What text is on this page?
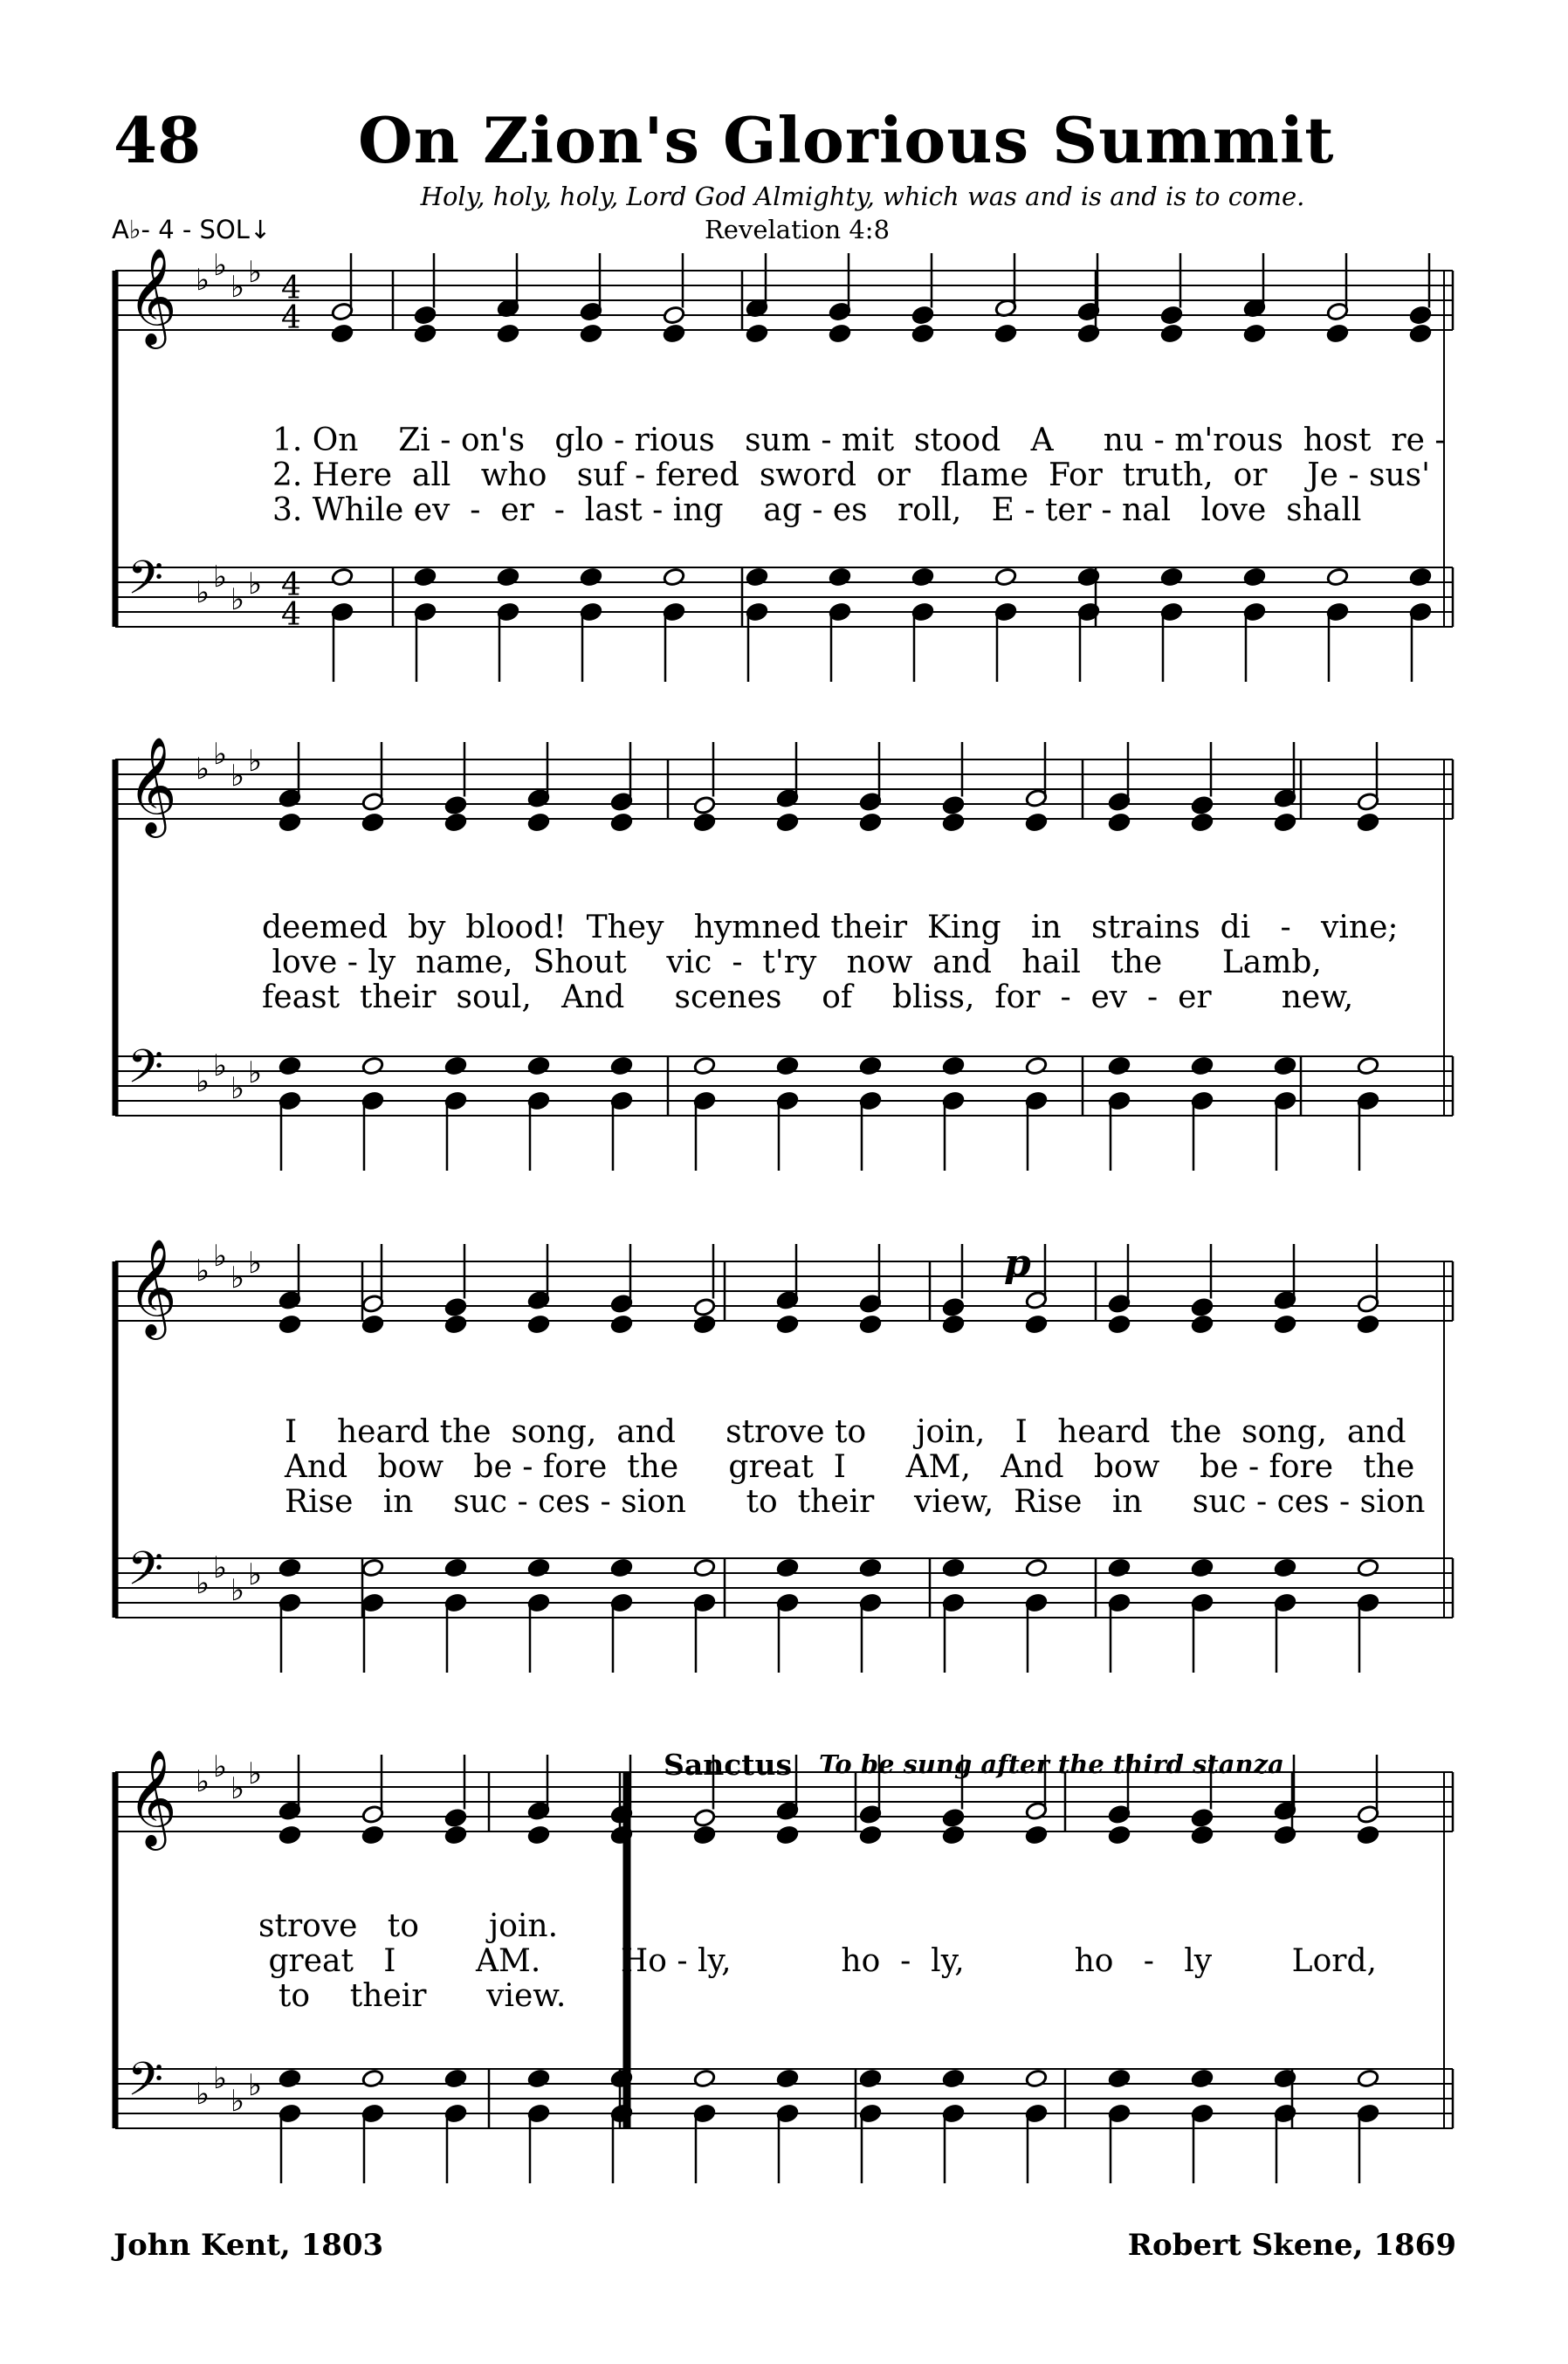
48 On Zion's Glorious Summit
Holy, holy, holy, Lord God Almighty, which was and is and is to come.
A♭- 4 - SOL↓	Revelation 4:8
𝄞 ♭ ♭
♭ ♭ 4
4
𝄢 ♭ ♭
♭ ♭ 4
4
𝄞 ♭ ♭
♭ ♭
𝄢 ♭ ♭
♭ ♭
𝄞 ♭ ♭
♭ ♭
𝄢 ♭ ♭
♭ ♭
𝄞 ♭ ♭
♭ ♭
𝄢 ♭ ♭
♭ ♭
1. On    Zi - on's   glo - rious   sum - mit  stood   A     nu - m'rous  host  re -
2. Here  all   who   suf - fered  sword  or   flame  For  truth,  or    Je - sus'
3. While ev  -  er  -  last - ing    ag - es   roll,   E - ter - nal   love  shall
deemed  by  blood!  They   hymned their  King   in   strains  di   -   vine;
love - ly  name,  Shout    vic  -  t'ry   now  and   hail   the      Lamb,
feast  their  soul,   And     scenes    of    bliss,  for  -  ev  -  er       new,
p
I    heard the  song,  and     strove to     join,   I   heard  the  song,  and
And   bow   be - fore  the     great  I      AM,   And   bow    be - fore   the
Rise   in    suc - ces - sion      to  their    view,  Rise   in     suc - ces - sion
Sanctus To be sung after the third stanza
strove   to       join.
great   I        AM.        Ho - ly,           ho  -  ly,           ho   -   ly        Lord,
to    their      view.
John Kent, 1803	Robert Skene, 1869
